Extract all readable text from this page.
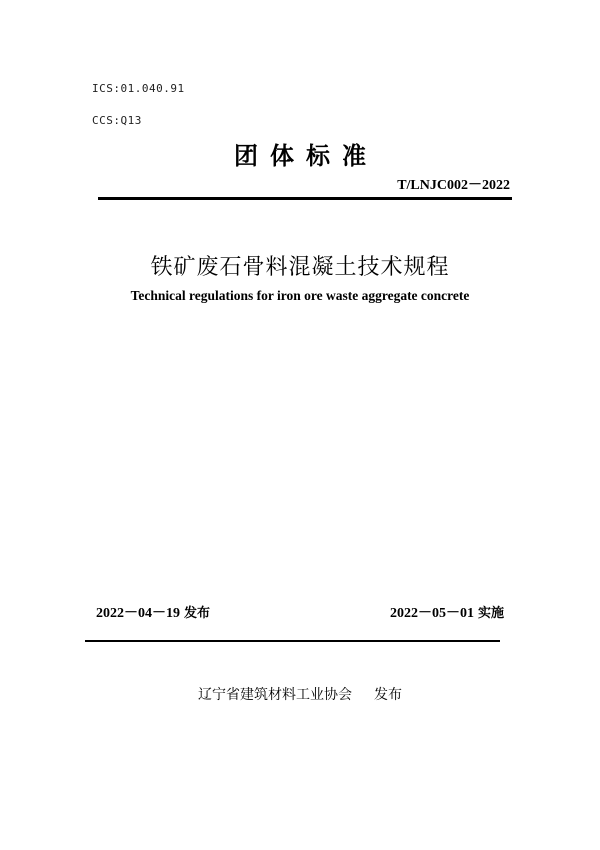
ICS:01.040.91
CCS:Q13
团体标准
T/LNJC002－2022
铁矿废石骨料混凝土技术规程
Technical regulations for iron ore waste aggregate concrete
2022－04－19 发布	2022－05－01 实施
辽宁省建筑材料工业协会 发布
